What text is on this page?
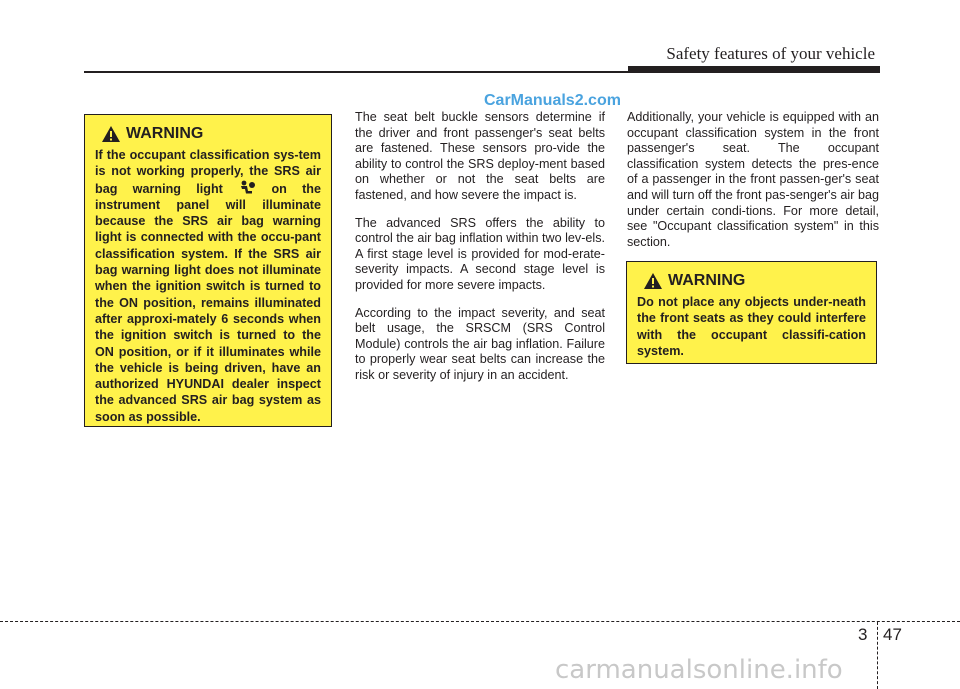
Safety features of your vehicle
CarManuals2.com
WARNING
If the occupant classification sys-tem is not working properly, the SRS air bag warning light	on the instrument panel will illuminate because the SRS air bag warning light is connected with the occu-pant classification system. If the SRS air bag warning light does not illuminate when the ignition switch is turned to the ON position, remains illuminated after approxi-mately 6 seconds when the ignition switch is turned to the ON position, or if it illuminates while the vehicle is being driven, have an authorized HYUNDAI dealer inspect the advanced SRS air bag system as soon as possible.

The seat belt buckle sensors determine if the driver and front passenger's seat belts are fastened. These sensors pro-vide the ability to control the SRS deploy-ment based on whether or not the seat belts are fastened, and how severe the impact is.

The advanced SRS offers the ability to control the air bag inflation within two lev-els. A first stage level is provided for mod-erate-severity impacts. A second stage level is provided for more severe impacts.

According to the impact severity, and seat belt usage, the SRSCM (SRS Control Module) controls the air bag inflation. Failure to properly wear seat belts can increase the risk or severity of injury in an accident.

Additionally, your vehicle is equipped with an occupant classification system in the front passenger's seat. The occupant classification system detects the pres-ence of a passenger in the front passen-ger's seat and will turn off the front pas-senger's air bag under certain condi-tions. For more detail, see "Occupant classification system" in this section.

WARNING
Do not place any objects under-neath the front seats as they could interfere with the occupant classifi-cation system.
3 47
carmanualsonline.info
